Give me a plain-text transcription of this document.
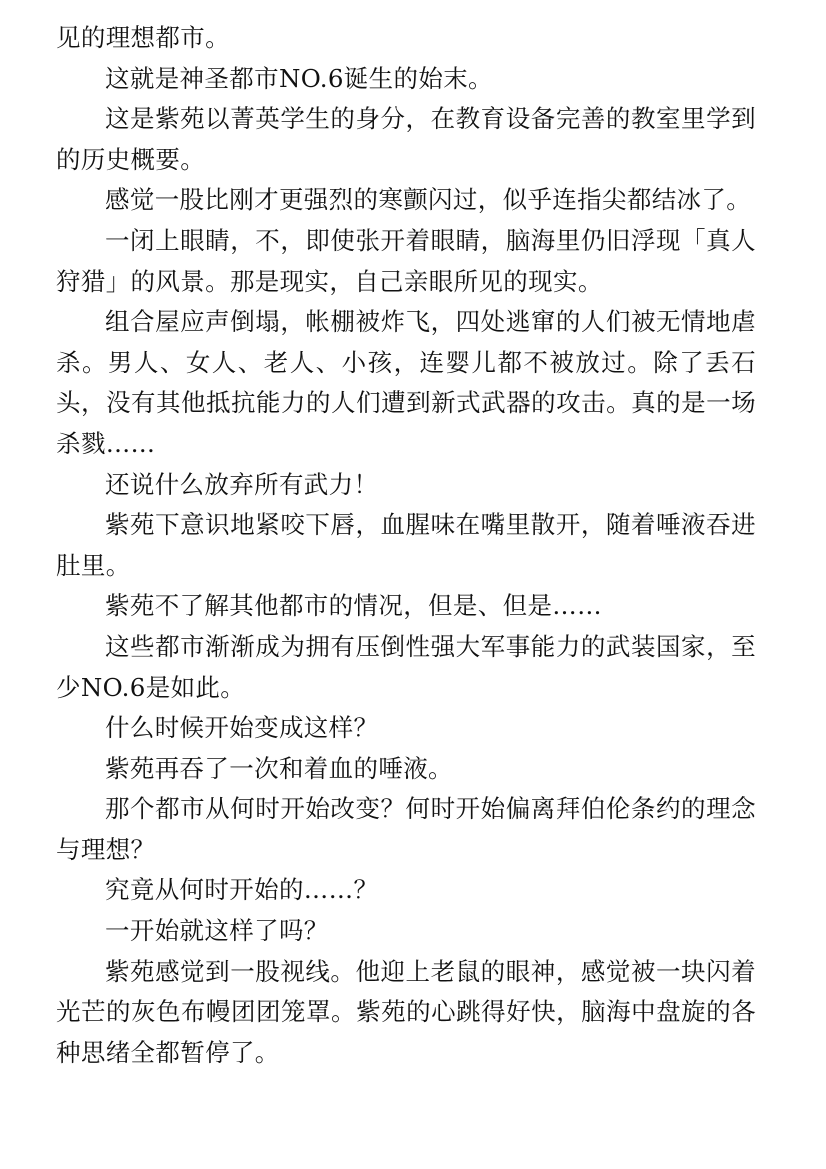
见的理想都市。

这就是神圣都市NO.6诞生的始末。

这是紫苑以菁英学生的身分，在教育设备完善的教室里学到的历史概要。

感觉一股比刚才更强烈的寒颤闪过，似乎连指尖都结冰了。

一闭上眼睛，不，即使张开着眼睛，脑海里仍旧浮现「真人狩猎」的风景。那是现实，自己亲眼所见的现实。

组合屋应声倒塌，帐棚被炸飞，四处逃窜的人们被无情地虐杀。男人、女人、老人、小孩，连婴儿都不被放过。除了丢石头，没有其他抵抗能力的人们遭到新式武器的攻击。真的是一场杀戮……

还说什么放弃所有武力！

紫苑下意识地紧咬下唇，血腥味在嘴里散开，随着唾液吞进肚里。

紫苑不了解其他都市的情况，但是、但是……

这些都市渐渐成为拥有压倒性强大军事能力的武装国家，至少NO.6是如此。

什么时候开始变成这样？

紫苑再吞了一次和着血的唾液。

那个都市从何时开始改变？何时开始偏离拜伯伦条约的理念与理想？

究竟从何时开始的……？

一开始就这样了吗？

紫苑感觉到一股视线。他迎上老鼠的眼神，感觉被一块闪着光芒的灰色布幔团团笼罩。紫苑的心跳得好快，脑海中盘旋的各种思绪全都暂停了。
